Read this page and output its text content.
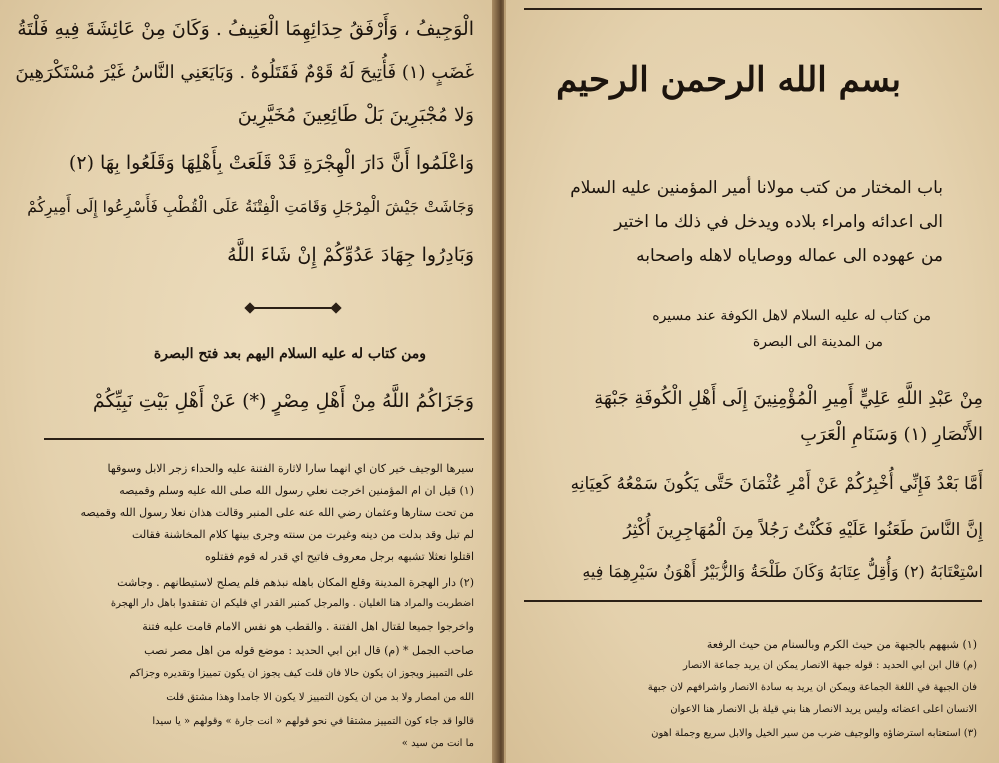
الْوَجِيفُ ، وَأَرْفَقُ حِدَائِهِمَا الْعَنِيفُ . وَكَانَ مِنْ عَائِشَةَ فِيهِ فَلْتَةُ
غَضَبٍ (١) فَأُتِيحَ لَهُ قَوْمٌ فَقَتَلُوهُ . وَبَايَعَنِي النَّاسُ غَيْرَ مُسْتَكْرَهِينَ
وَلا مُجْبَرِينَ بَلْ طَائِعِينَ مُخَيَّرِينَ
وَاعْلَمُوا أَنَّ دَارَ الْهِجْرَةِ قَدْ قَلَعَتْ بِأَهْلِهَا وَقَلَعُوا بِهَا (٢)
وَجَاشَتْ جَيْشَ الْمِرْجَلِ وَقَامَتِ الْفِتْنَةُ عَلَى الْقُطْبِ فَأَسْرِعُوا إِلَى أَمِيرِكُمْ
وَبَادِرُوا جِهَادَ عَدُوِّكُمْ إِنْ شَاءَ اللَّهُ
ومن كتاب له عليه السلام اليهم بعد فتح البصرة
وَجَزَاكُمُ اللَّهُ مِنْ أَهْلِ مِصْرٍ (*) عَنْ أَهْلِ بَيْتِ نَبِيِّكُمْ
سيرها الوجيف خير كان اي انهما سارا لاثارة الفتنة عليه والحداء زجر الابل وسوقها
(١) قيل ان ام المؤمنين اخرجت نعلي رسول الله صلى الله عليه وسلم وقميصه
من تحت ستارها وعثمان رضي الله عنه على المنبر وقالت هذان نعلا رسول الله وقميصه
لم تبل وقد بدلت من دينه وغيرت من سنته وجرى بينها كلام المخاشنة فقالت
اقتلوا نعثلا تشبهه برجل معروف فاتيح اي قدر له قوم فقتلوه
(٢) دار الهجرة المدينة وقلع المكان باهله نبذهم فلم يصلح لاستيطانهم . وجاشت
اضطربت والمراد هنا الغليان . والمرجل كمنبر القدر اي فليكم ان تفتقدوا باهل دار الهجرة
واخرجوا جميعا لقتال اهل الفتنة . والقطب هو نفس الامام قامت عليه فتنة
صاحب الجمل * (م) قال ابن ابي الحديد : موضع قوله من اهل مصر نصب
على التمييز ويجوز ان يكون حالا فان قلت كيف يجوز ان يكون تمييزا وتقديره وجزاكم
الله من امصار ولا بد من ان يكون التمييز لا يكون الا جامدا وهذا مشتق قلت
قالوا قد جاء كون التمييز مشتقا في نحو قولهم « انت جارة » وقولهم « يا سيدا
ما انت من سيد »
بسم الله الرحمن الرحيم
باب المختار من كتب مولانا أمير المؤمنين عليه السلام
الى اعدائه وامراء بلاده ويدخل في ذلك ما اختير
من عهوده الى عماله ووصاياه لاهله واصحابه
من كتاب له عليه السلام لاهل الكوفة عند مسيره
من المدينة الى البصرة
مِنْ عَبْدِ اللَّهِ عَلِيٍّ أَمِيرِ الْمُؤْمِنِينَ إِلَى أَهْلِ الْكُوفَةِ جَبْهَةِ
الأَنْصَارِ (١) وَسَنَامِ الْعَرَبِ
أَمَّا بَعْدُ فَإِنِّي أُخْبِرُكُمْ عَنْ أَمْرِ عُثْمَانَ حَتَّى يَكُونَ سَمْعُهُ كَعِيَانِهِ
إِنَّ النَّاسَ طَعَنُوا عَلَيْهِ فَكُنْتُ رَجُلاً مِنَ الْمُهَاجِرِينَ أُكْثِرُ
اسْتِعْتَابَهُ (٢) وَأُقِلُّ عِتَابَهُ وَكَانَ طَلْحَةُ وَالزُّبَيْرُ أَهْوَنُ سَيْرِهِمَا فِيهِ
(١) شبههم بالجبهة من حيث الكرم وبالسنام من حيث الرفعة
(م) قال ابن ابي الحديد : قوله جبهة الانصار يمكن ان يريد جماعة الانصار
فان الجبهة في اللغة الجماعة ويمكن ان يريد به سادة الانصار واشرافهم لان جبهة
الانسان اعلى اعضائه وليس يريد الانصار هنا بني قيلة بل الانصار هنا الاعوان
(٣) استعتابه استرضاؤه والوجيف ضرب من سير الخيل والابل سريع وجملة اهون
